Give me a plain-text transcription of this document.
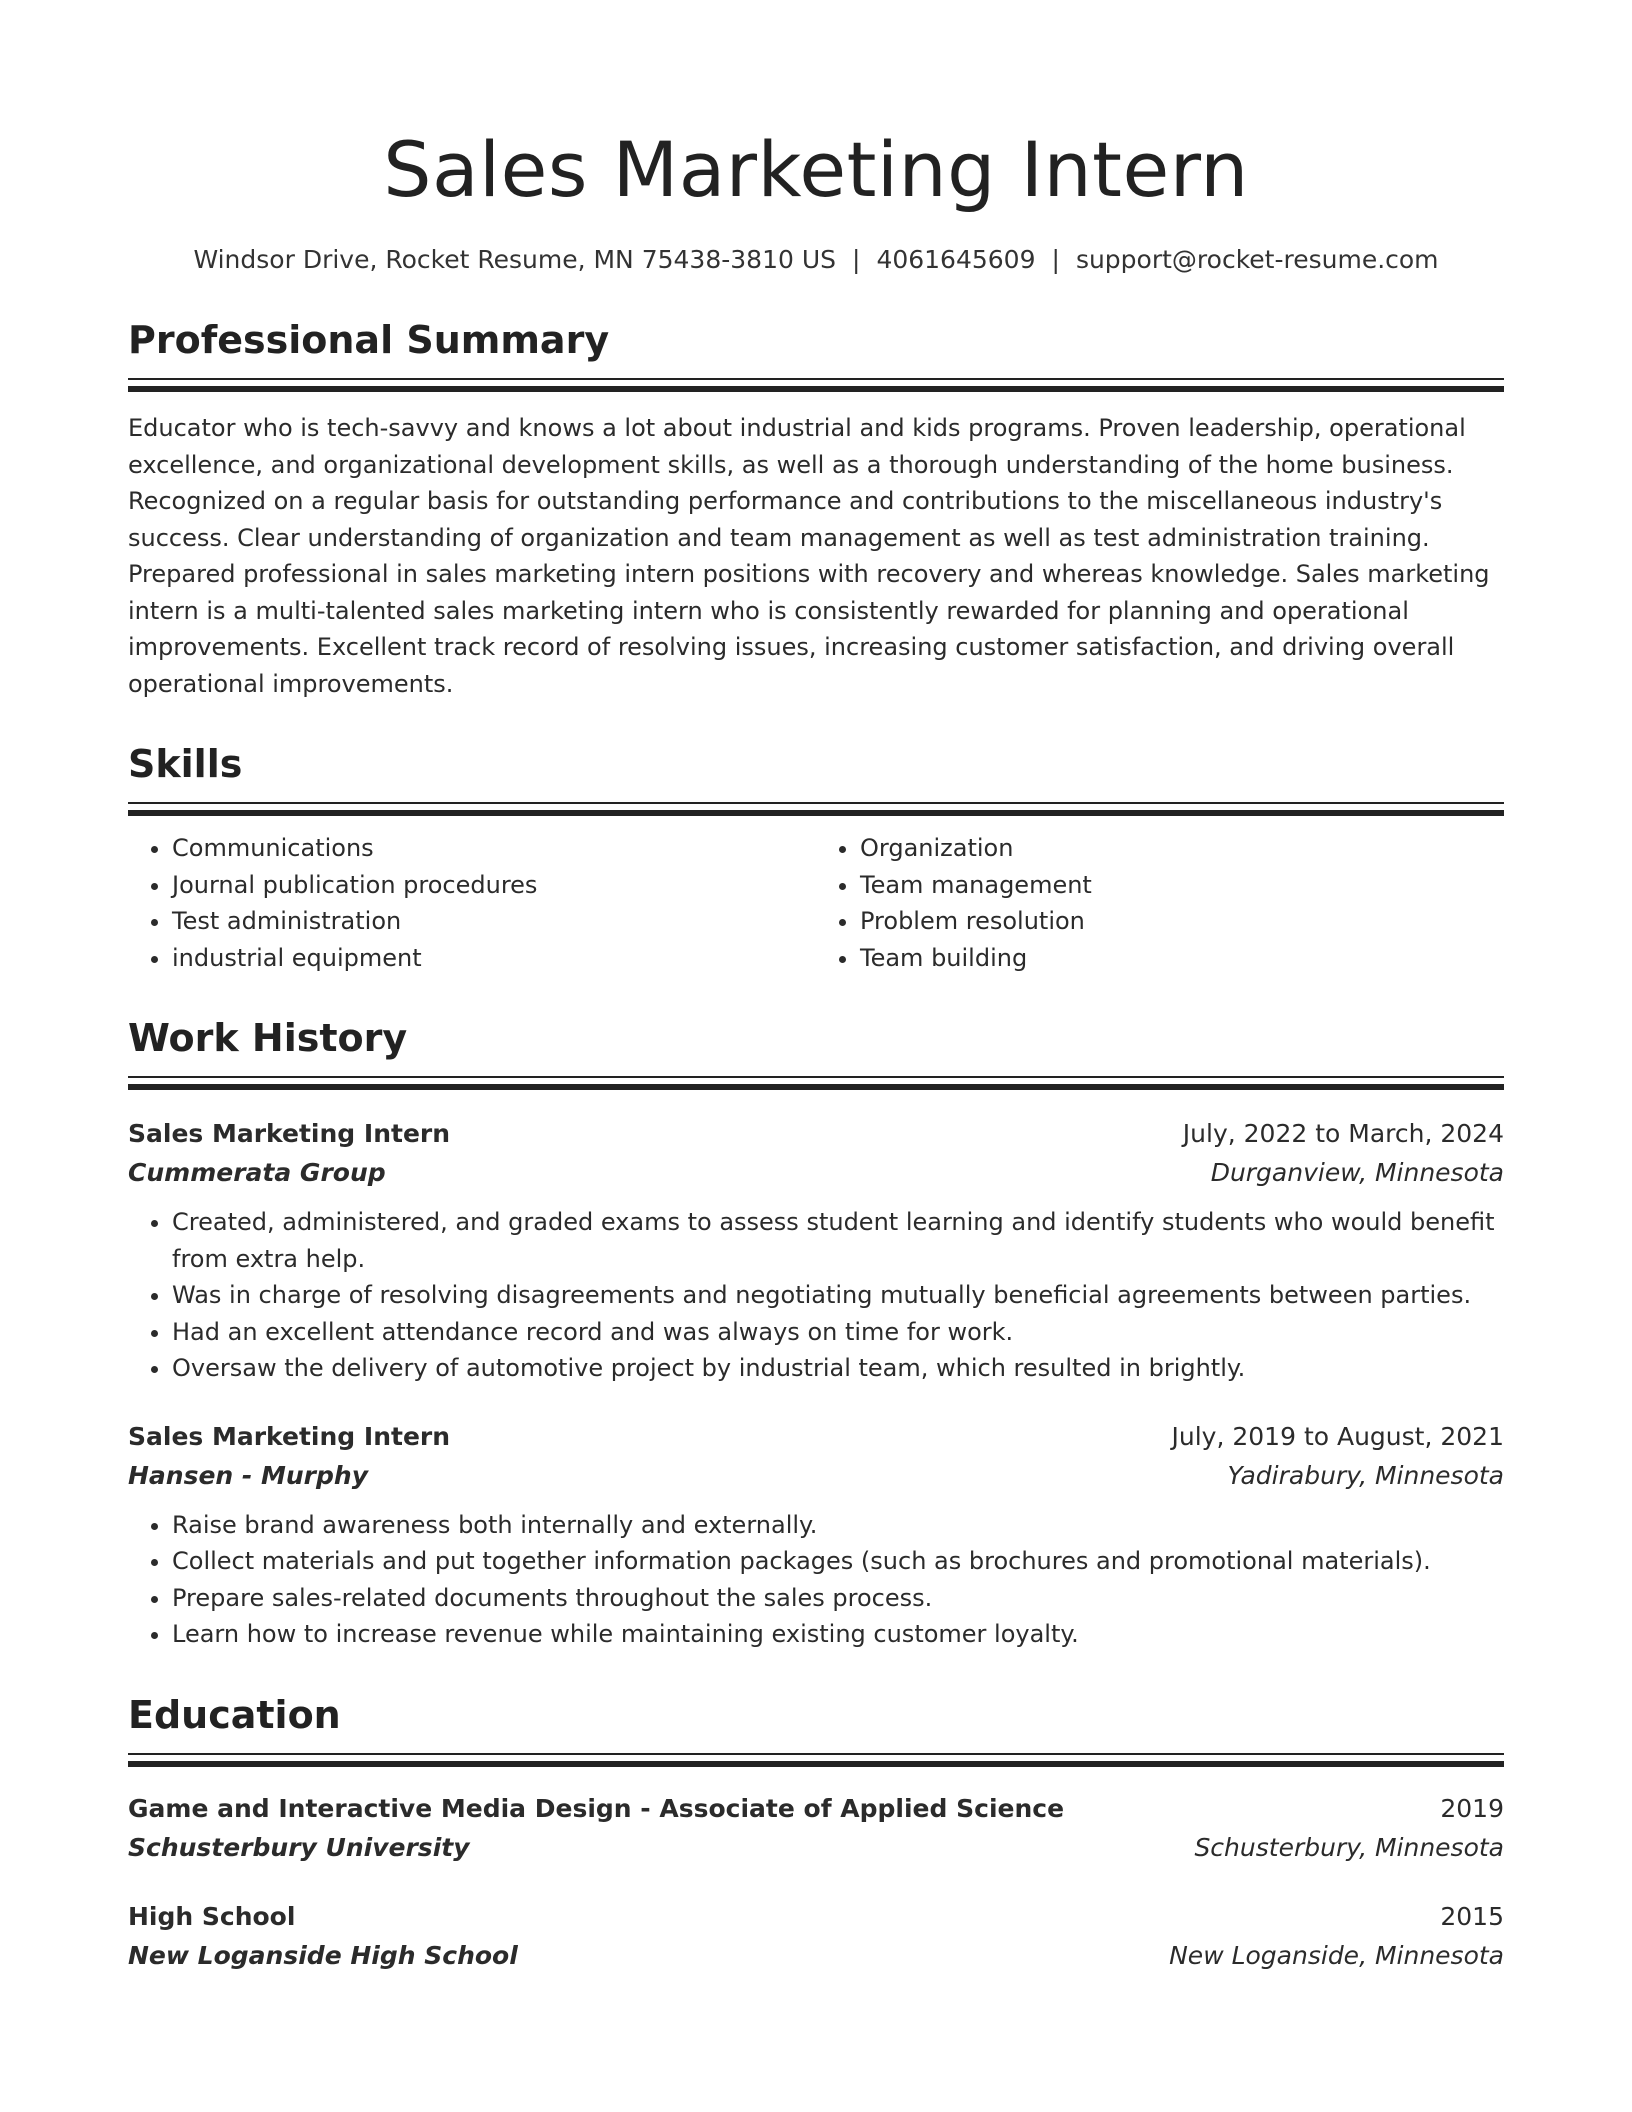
Sales Marketing Intern
Windsor Drive, Rocket Resume, MN 75438-3810 US | 4061645609 | support@rocket-resume.com
Professional Summary

Educator who is tech-savvy and knows a lot about industrial and kids programs. Proven leadership, operational excellence, and organizational development skills, as well as a thorough understanding of the home business. Recognized on a regular basis for outstanding performance and contributions to the miscellaneous industry's success. Clear understanding of organization and team management as well as test administration training. Prepared professional in sales marketing intern positions with recovery and whereas knowledge. Sales marketing intern is a multi-talented sales marketing intern who is consistently rewarded for planning and operational improvements. Excellent track record of resolving issues, increasing customer satisfaction, and driving overall operational improvements.

Skills
• Communications
• Journal publication procedures
• Test administration
• industrial equipment
• Organization
• Team management
• Problem resolution
• Team building
Work History
Sales Marketing Intern	July, 2022 to March, 2024
Cummerata Group	Durganview, Minnesota
• Created, administered, and graded exams to assess student learning and identify students who would benefit from extra help.
• Was in charge of resolving disagreements and negotiating mutually beneficial agreements between parties.
• Had an excellent attendance record and was always on time for work.
• Oversaw the delivery of automotive project by industrial team, which resulted in brightly.
Sales Marketing Intern	July, 2019 to August, 2021
Hansen - Murphy	Yadirabury, Minnesota
• Raise brand awareness both internally and externally.
• Collect materials and put together information packages (such as brochures and promotional materials).
• Prepare sales-related documents throughout the sales process.
• Learn how to increase revenue while maintaining existing customer loyalty.
Education
Game and Interactive Media Design - Associate of Applied Science	2019
Schusterbury University	Schusterbury, Minnesota
High School	2015
New Loganside High School	New Loganside, Minnesota
